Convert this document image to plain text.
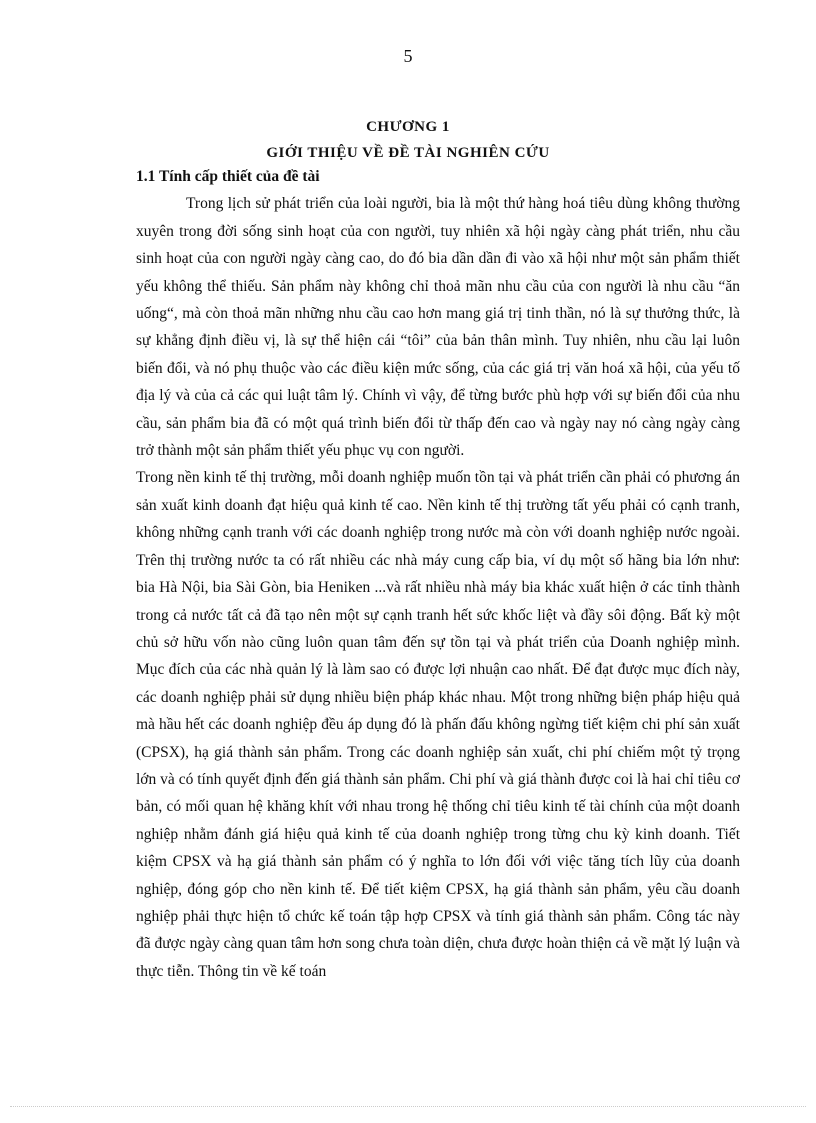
5
CHƯƠNG 1
GIỚI THIỆU VỀ ĐỀ TÀI NGHIÊN CỨU

1.1 Tính cấp thiết của đề tài

Trong lịch sử phát triển của loài người, bia là một thứ hàng hoá tiêu dùng không thường xuyên trong đời sống sinh hoạt của con người, tuy nhiên xã hội ngày càng phát triển, nhu cầu sinh hoạt của con người ngày càng cao, do đó bia dần dần đi vào xã hội như một sản phẩm thiết yếu không thể thiếu. Sản phẩm này không chỉ thoả mãn nhu cầu của con người là nhu cầu “ăn uống“, mà còn thoả mãn những nhu cầu cao hơn mang giá trị tinh thần, nó là sự thưởng thức, là sự khẳng định điều vị, là sự thể hiện cái “tôi” của bản thân mình. Tuy nhiên, nhu cầu lại luôn biến đổi, và nó phụ thuộc vào các điều kiện mức sống, của các giá trị văn hoá xã hội, của yếu tố địa lý và của cả các qui luật tâm lý. Chính vì vậy, để từng bước phù hợp với sự biến đổi của nhu cầu, sản phẩm bia đã có một quá trình biến đổi từ thấp đến cao và ngày nay nó càng ngày càng trở thành một sản phẩm thiết yếu phục vụ con người.

Trong nền kinh tế thị trường, mỗi doanh nghiệp muốn tồn tại và phát triển cần phải có phương án sản xuất kinh doanh đạt hiệu quả kinh tế cao. Nền kinh tế thị trường tất yếu phải có cạnh tranh, không những cạnh tranh với các doanh nghiệp trong nước mà còn với doanh nghiệp nước ngoài. Trên thị trường nước ta có rất nhiều các nhà máy cung cấp bia, ví dụ một số hãng bia lớn như: bia Hà Nội, bia Sài Gòn, bia Heniken ...và rất nhiều nhà máy bia khác xuất hiện ở các tỉnh thành trong cả nước tất cả đã tạo nên một sự cạnh tranh hết sức khốc liệt và đầy sôi động. Bất kỳ một chủ sở hữu vốn nào cũng luôn quan tâm đến sự tồn tại và phát triển của Doanh nghiệp mình. Mục đích của các nhà quản lý là làm sao có được lợi nhuận cao nhất. Để đạt được mục đích này, các doanh nghiệp phải sử dụng nhiều biện pháp khác nhau. Một trong những biện pháp hiệu quả mà hầu hết các doanh nghiệp đều áp dụng đó là phấn đấu không ngừng tiết kiệm chi phí sản xuất (CPSX), hạ giá thành sản phẩm. Trong các doanh nghiệp sản xuất, chi phí chiếm một tỷ trọng lớn và có tính quyết định đến giá thành sản phẩm. Chi phí và giá thành được coi là hai chỉ tiêu cơ bản, có mối quan hệ khăng khít với nhau trong hệ thống chỉ tiêu kinh tế tài chính của một doanh nghiệp nhằm đánh giá hiệu quả kinh tế của doanh nghiệp trong từng chu kỳ kinh doanh. Tiết kiệm CPSX và hạ giá thành sản phẩm có ý nghĩa to lớn đối với việc tăng tích lũy của doanh nghiệp, đóng góp cho nền kinh tế. Để tiết kiệm CPSX, hạ giá thành sản phẩm, yêu cầu doanh nghiệp phải thực hiện tổ chức kế toán tập hợp CPSX và tính giá thành sản phẩm. Công tác này đã được ngày càng quan tâm hơn song chưa toàn diện, chưa được hoàn thiện cả về mặt lý luận và thực tiễn. Thông tin về kế toán
